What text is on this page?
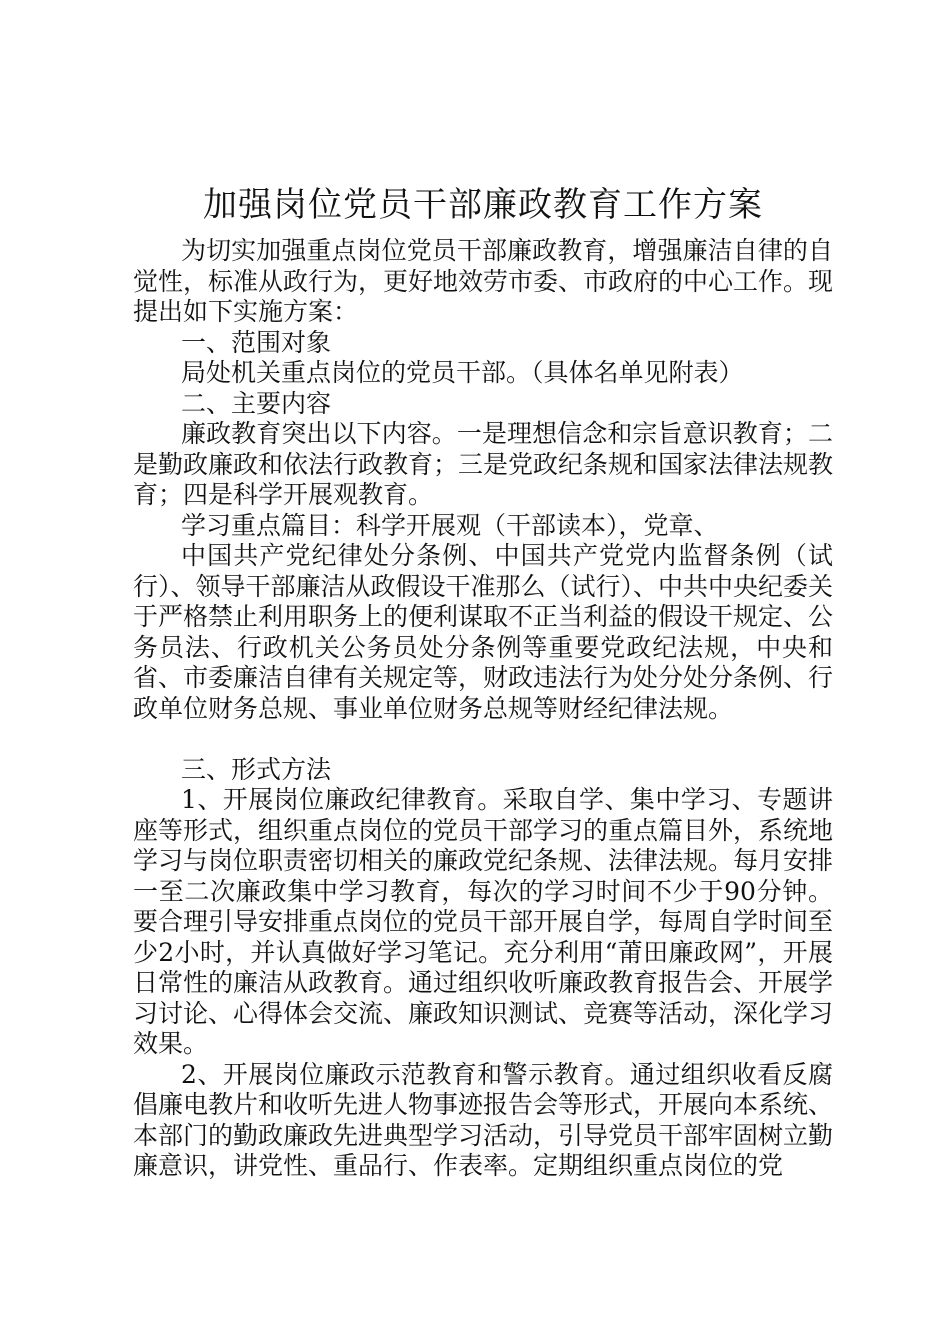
加强岗位党员干部廉政教育工作方案

为切实加强重点岗位党员干部廉政教育，增强廉洁自律的自觉性，标准从政行为，更好地效劳市委、市政府的中心工作。现提出如下实施方案：

一、范围对象

局处机关重点岗位的党员干部。（具体名单见附表）

二、主要内容

廉政教育突出以下内容。一是理想信念和宗旨意识教育；二是勤政廉政和依法行政教育；三是党政纪条规和国家法律法规教育；四是科学开展观教育。

学习重点篇目：科学开展观（干部读本），党章、

中国共产党纪律处分条例、中国共产党党内监督条例（试行）、领导干部廉洁从政假设干准那么（试行）、中共中央纪委关于严格禁止利用职务上的便利谋取不正当利益的假设干规定、公务员法、行政机关公务员处分条例等重要党政纪法规，中央和省、市委廉洁自律有关规定等，财政违法行为处分处分条例、行政单位财务总规、事业单位财务总规等财经纪律法规。

三、形式方法

1、开展岗位廉政纪律教育。采取自学、集中学习、专题讲座等形式，组织重点岗位的党员干部学习的重点篇目外，系统地学习与岗位职责密切相关的廉政党纪条规、法律法规。每月安排一至二次廉政集中学习教育，每次的学习时间不少于90分钟。要合理引导安排重点岗位的党员干部开展自学，每周自学时间至少2小时，并认真做好学习笔记。充分利用“莆田廉政网”，开展日常性的廉洁从政教育。通过组织收听廉政教育报告会、开展学习讨论、心得体会交流、廉政知识测试、竞赛等活动，深化学习效果。

2、开展岗位廉政示范教育和警示教育。通过组织收看反腐倡廉电教片和收听先进人物事迹报告会等形式，开展向本系统、本部门的勤政廉政先进典型学习活动，引导党员干部牢固树立勤廉意识，讲党性、重品行、作表率。定期组织重点岗位的党
